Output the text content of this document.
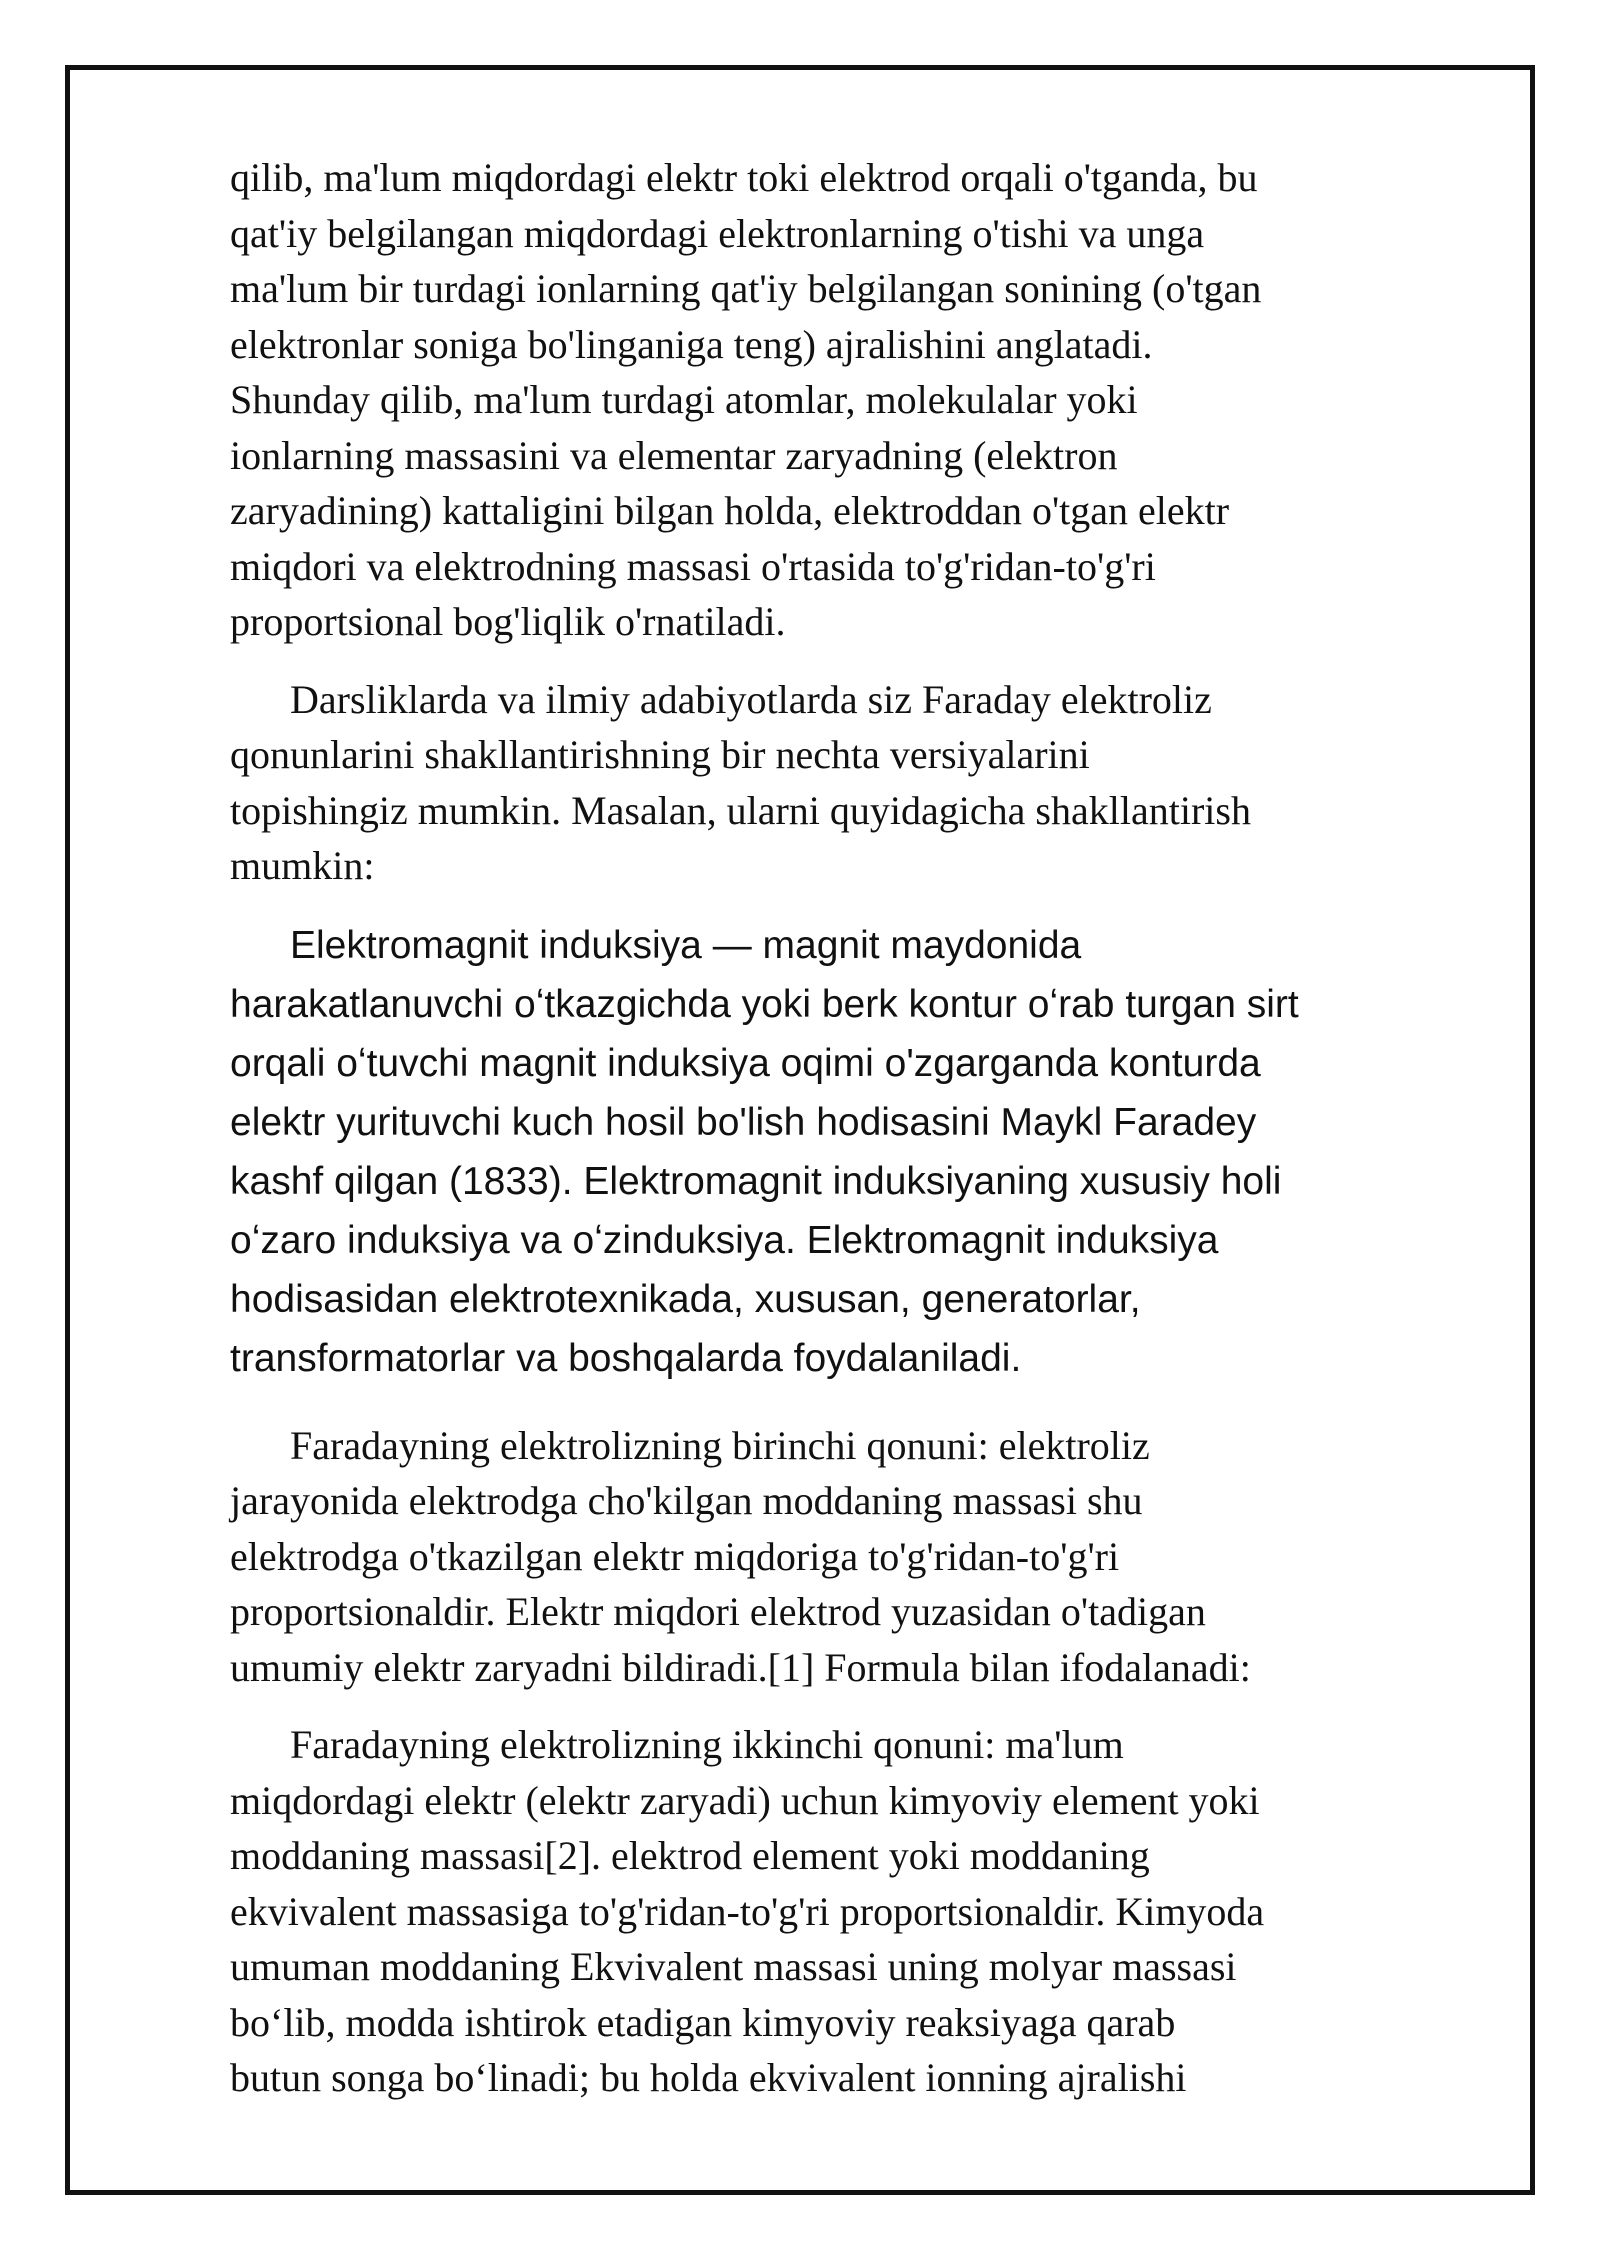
qilib, ma'lum miqdordagi elektr toki elektrod orqali o'tganda, bu
qat'iy belgilangan miqdordagi elektronlarning o'tishi va unga
ma'lum bir turdagi ionlarning qat'iy belgilangan sonining (o'tgan
elektronlar soniga bo'linganiga teng) ajralishini anglatadi.
Shunday qilib, ma'lum turdagi atomlar, molekulalar yoki
ionlarning massasini va elementar zaryadning (elektron
zaryadining) kattaligini bilgan holda, elektroddan o'tgan elektr
miqdori va elektrodning massasi o'rtasida to'g'ridan-to'g'ri
proportsional bog'liqlik o'rnatiladi.

Darsliklarda va ilmiy adabiyotlarda siz Faraday elektroliz
qonunlarini shakllantirishning bir nechta versiyalarini
topishingiz mumkin. Masalan, ularni quyidagicha shakllantirish
mumkin:

Elektromagnit induksiya — magnit maydonida
harakatlanuvchi oʻtkazgichda yoki berk kontur oʻrab turgan sirt
orqali oʻtuvchi magnit induksiya oqimi o'zgarganda konturda
elektr yurituvchi kuch hosil bo'lish hodisasini Maykl Faradey
kashf qilgan (1833). Elektromagnit induksiyaning xususiy holi
oʻzaro induksiya va oʻzinduksiya. Elektromagnit induksiya
hodisasidan elektrotexnikada, xususan, generatorlar,
transformatorlar va boshqalarda foydalaniladi.

Faradayning elektrolizning birinchi qonuni: elektroliz
jarayonida elektrodga cho'kilgan moddaning massasi shu
elektrodga o'tkazilgan elektr miqdoriga to'g'ridan-to'g'ri
proportsionaldir. Elektr miqdori elektrod yuzasidan o'tadigan
umumiy elektr zaryadni bildiradi.[1] Formula bilan ifodalanadi:

Faradayning elektrolizning ikkinchi qonuni: ma'lum
miqdordagi elektr (elektr zaryadi) uchun kimyoviy element yoki
moddaning massasi[2]. elektrod element yoki moddaning
ekvivalent massasiga to'g'ridan-to'g'ri proportsionaldir. Kimyoda
umuman moddaning Ekvivalent massasi uning molyar massasi
boʻlib, modda ishtirok etadigan kimyoviy reaksiyaga qarab
butun songa boʻlinadi; bu holda ekvivalent ionning ajralishi
